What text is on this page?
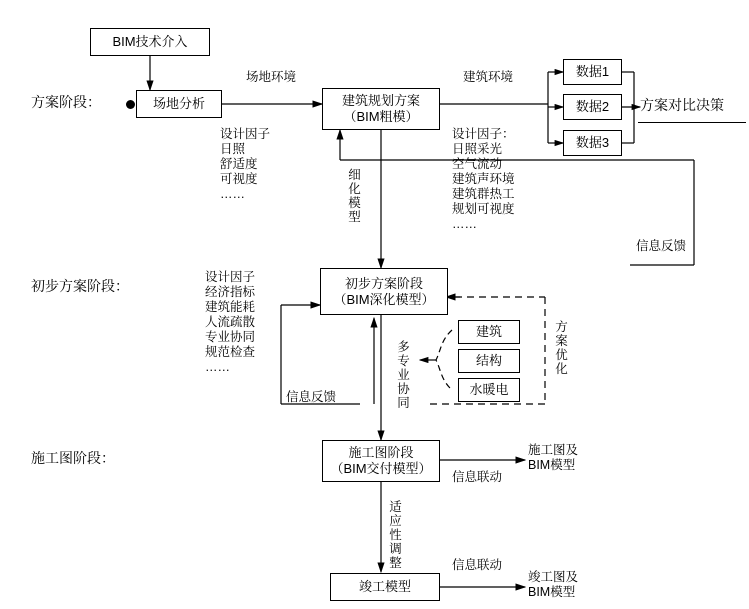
方案阶段：
初步方案阶段：
施工图阶段：
BIM技术介入
场地分析	建筑规划方案
（BIM粗模）
数据1
数据2
数据3
初步方案阶段
（BIM深化模型）
建筑
结构
水暖电
施工图阶段
（BIM交付模型）
竣工模型
方案对比决策
场地环境	建筑环境
信息反馈
信息反馈
信息联动
信息联动
施工图及
BIM模型
竣工图及
BIM模型
设计因子
日照
舒适度
可视度
……
设计因子：
日照采光
空气流动
建筑声环境
建筑群热工
规划可视度
……
设计因子
经济指标
建筑能耗
人流疏散
专业协同
规范检查
……
细化模型
多专业协同
方案优化
适应性调整
